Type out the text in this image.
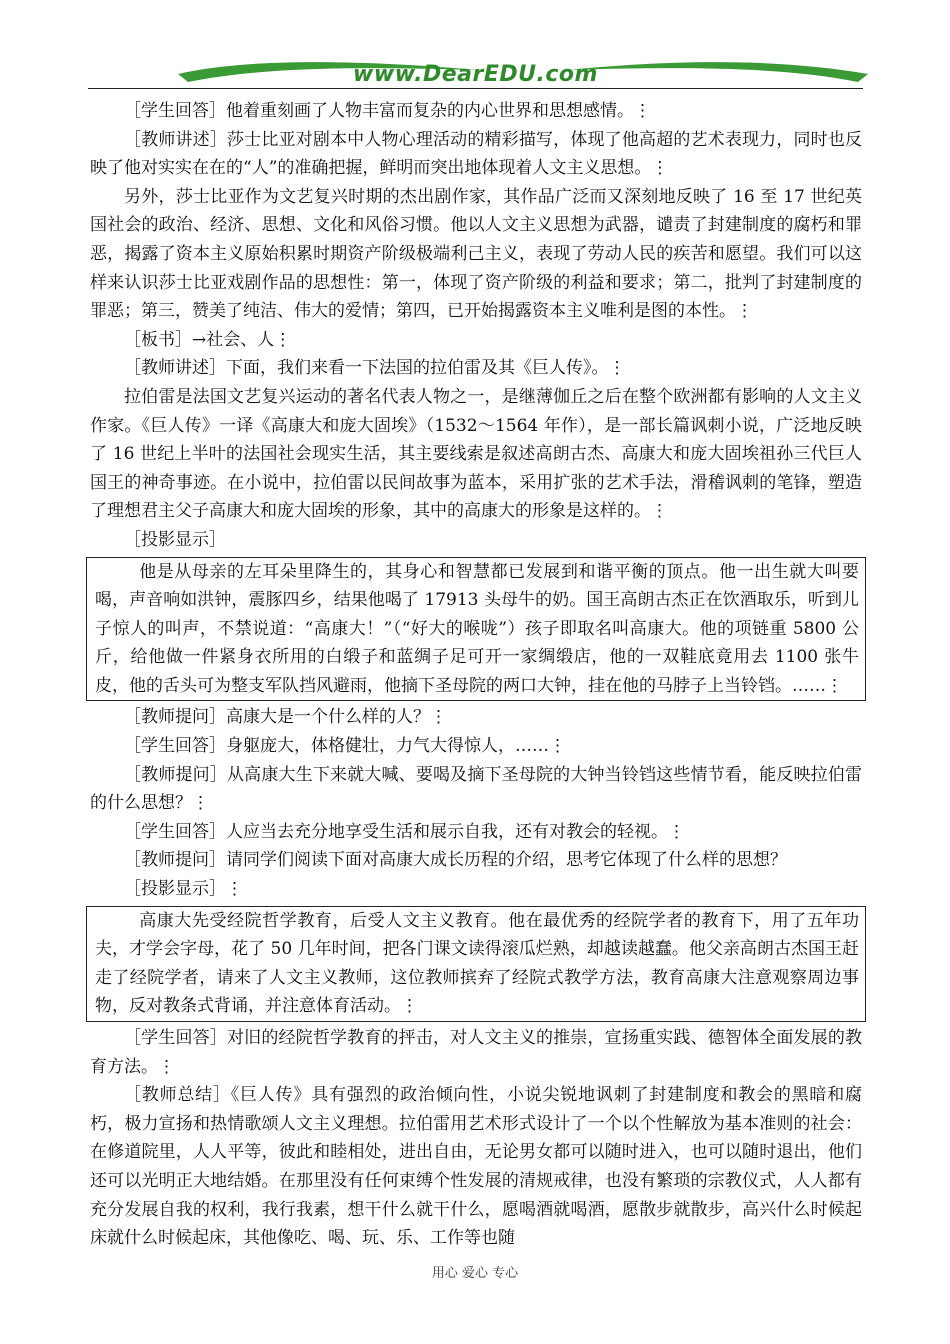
www.DearEDU.com

［学生回答］他着重刻画了人物丰富而复杂的内心世界和思想感情。⋮

［教师讲述］莎士比亚对剧本中人物心理活动的精彩描写，体现了他高超的艺术表现力，同时也反映了他对实实在在的“人”的准确把握，鲜明而突出地体现着人文主义思想。⋮

另外，莎士比亚作为文艺复兴时期的杰出剧作家，其作品广泛而又深刻地反映了 16 至 17 世纪英国社会的政治、经济、思想、文化和风俗习惯。他以人文主义思想为武器，谴责了封建制度的腐朽和罪恶，揭露了资本主义原始积累时期资产阶级极端利己主义，表现了劳动人民的疾苦和愿望。我们可以这样来认识莎士比亚戏剧作品的思想性：第一，体现了资产阶级的利益和要求；第二，批判了封建制度的罪恶；第三，赞美了纯洁、伟大的爱情；第四，已开始揭露资本主义唯利是图的本性。⋮

［板书］→社会、人⋮

［教师讲述］下面，我们来看一下法国的拉伯雷及其《巨人传》。⋮

拉伯雷是法国文艺复兴运动的著名代表人物之一，是继薄伽丘之后在整个欧洲都有影响的人文主义作家。《巨人传》一译《高康大和庞大固埃》（1532～1564 年作），是一部长篇讽刺小说，广泛地反映了 16 世纪上半叶的法国社会现实生活，其主要线索是叙述高朗古杰、高康大和庞大固埃祖孙三代巨人国王的神奇事迹。在小说中，拉伯雷以民间故事为蓝本，采用扩张的艺术手法，滑稽讽刺的笔锋，塑造了理想君主父子高康大和庞大固埃的形象，其中的高康大的形象是这样的。⋮

［投影显示］

他是从母亲的左耳朵里降生的，其身心和智慧都已发展到和谐平衡的顶点。他一出生就大叫要喝，声音响如洪钟，震豚四乡，结果他喝了 17913 头母牛的奶。国王高朗古杰正在饮酒取乐，听到儿子惊人的叫声，不禁说道：“高康大！”（“好大的喉咙”）孩子即取名叫高康大。他的项链重 5800 公斤，给他做一件紧身衣所用的白缎子和蓝绸子足可开一家绸缎店，他的一双鞋底竟用去 1100 张牛皮，他的舌头可为整支军队挡风避雨，他摘下圣母院的两口大钟，挂在他的马脖子上当铃铛。……⋮

［教师提问］高康大是一个什么样的人？⋮

［学生回答］身躯庞大，体格健壮，力气大得惊人，……⋮

［教师提问］从高康大生下来就大喊、要喝及摘下圣母院的大钟当铃铛这些情节看，能反映拉伯雷的什么思想？⋮

［学生回答］人应当去充分地享受生活和展示自我，还有对教会的轻视。⋮

［教师提问］请同学们阅读下面对高康大成长历程的介绍，思考它体现了什么样的思想？

［投影显示］⋮

高康大先受经院哲学教育，后受人文主义教育。他在最优秀的经院学者的教育下，用了五年功夫，才学会字母，花了 50 几年时间，把各门课文读得滚瓜烂熟，却越读越蠢。他父亲高朗古杰国王赶走了经院学者，请来了人文主义教师，这位教师摈弃了经院式教学方法，教育高康大注意观察周边事物，反对教条式背诵，并注意体育活动。⋮

［学生回答］对旧的经院哲学教育的抨击，对人文主义的推崇，宣扬重实践、德智体全面发展的教育方法。⋮

［教师总结］《巨人传》具有强烈的政治倾向性，小说尖锐地讽刺了封建制度和教会的黑暗和腐朽，极力宣扬和热情歌颂人文主义理想。拉伯雷用艺术形式设计了一个以个性解放为基本准则的社会：在修道院里，人人平等，彼此和睦相处，进出自由，无论男女都可以随时进入，也可以随时退出，他们还可以光明正大地结婚。在那里没有任何束缚个性发展的清规戒律，也没有繁琐的宗教仪式，人人都有充分发展自我的权利，我行我素，想干什么就干什么，愿喝酒就喝酒，愿散步就散步，高兴什么时候起床就什么时候起床，其他像吃、喝、玩、乐、工作等也随

用心 爱心 专心
